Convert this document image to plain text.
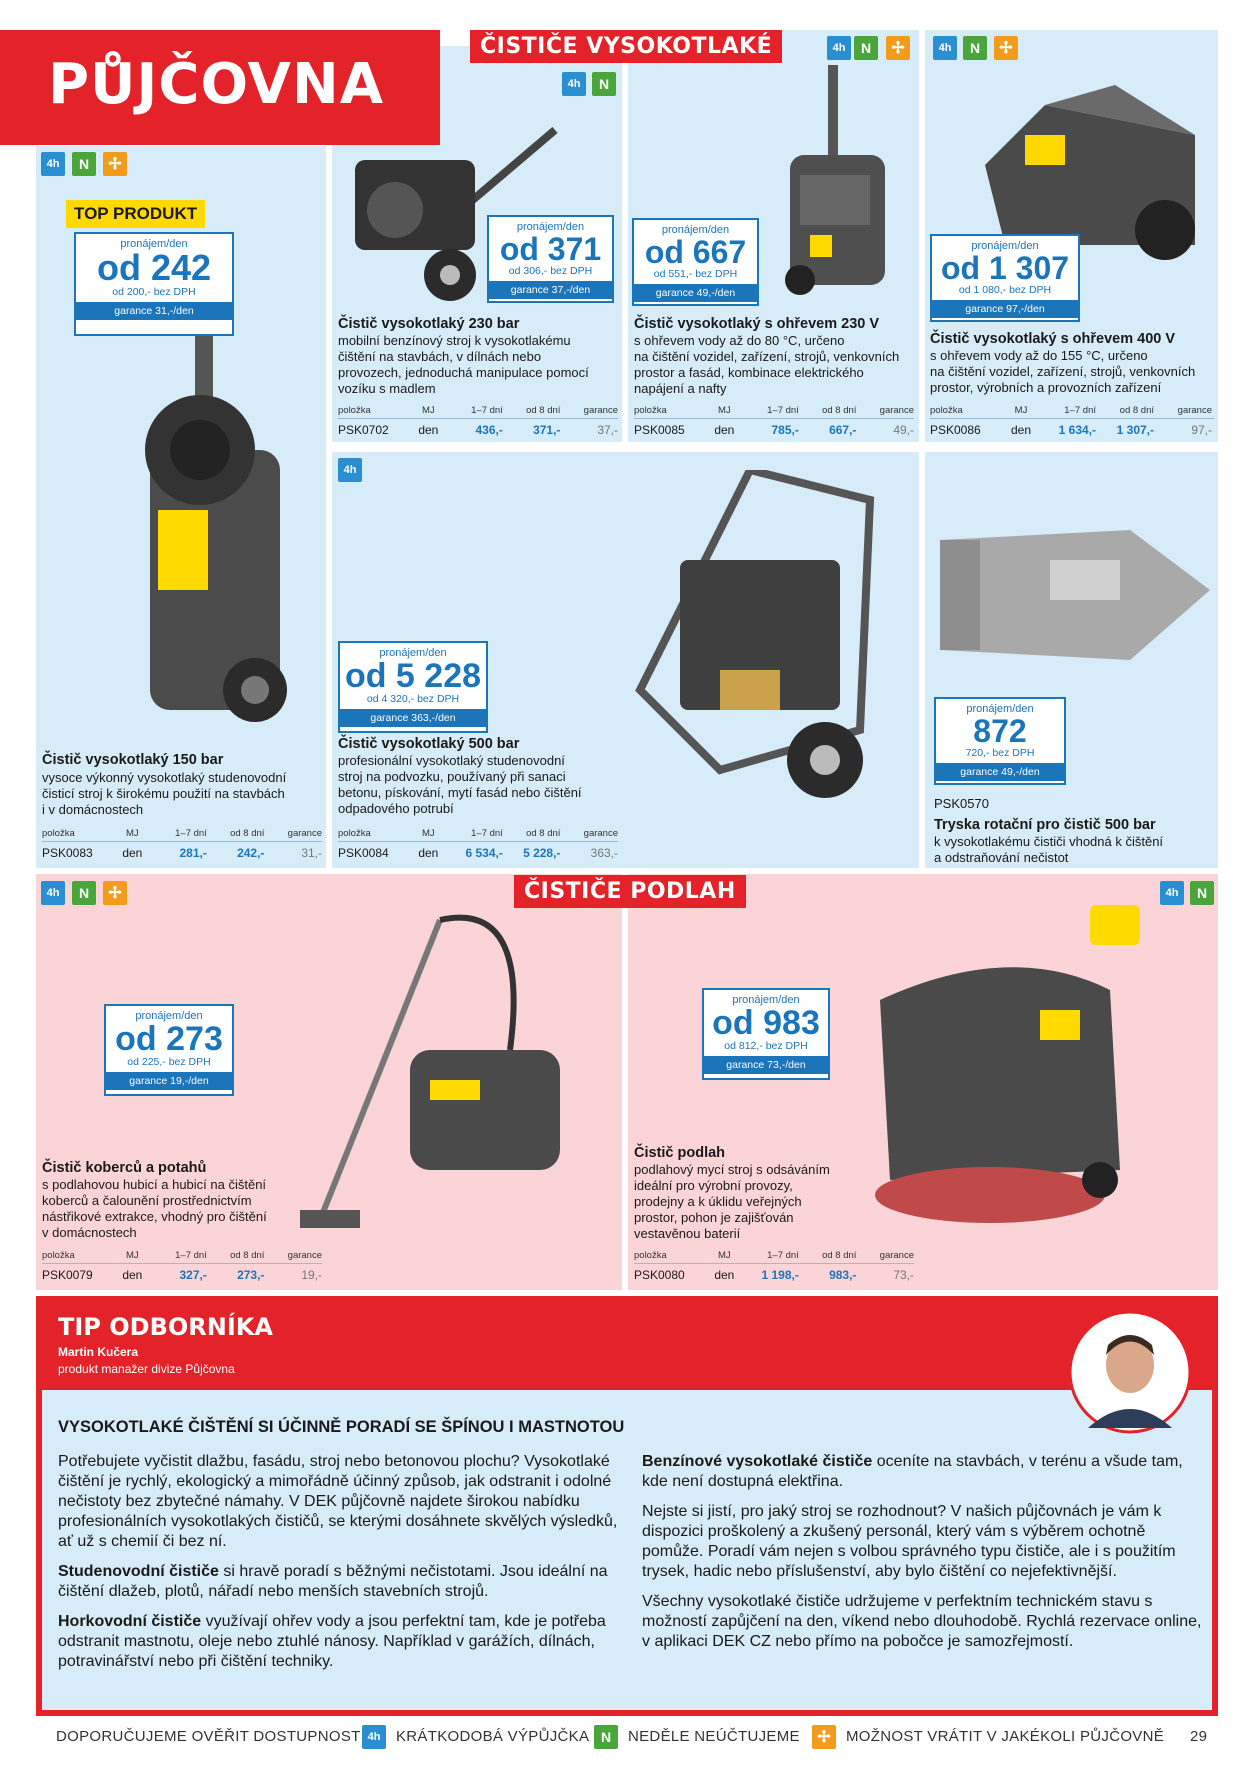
PŮJČOVNA
ČISTIČE VYSOKOTLAKÉ	4h	N	✢	4h	N	✢
4h	N
4h	N	✢
4h
TOP PRODUKT
pronájem/den
od 242
od 200,- bez DPH
garance 31,-/den
Čistič vysokotlaký 150 bar
vysoce výkonný vysokotlaký studenovodní
čisticí stroj k širokému použití na stavbách
i v domácnostech
položka	MJ	1–7 dní	od 8 dní	garance
PSK0083	den	281,-	242,-	31,-
pronájem/den
od 371
od 306,- bez DPH
garance 37,-/den
Čistič vysokotlaký 230 bar
mobilní benzínový stroj k vysokotlakému
čištění na stavbách, v dílnách nebo
provozech, jednoduchá manipulace pomocí
vozíku s madlem
položka	MJ	1–7 dní	od 8 dní	garance
PSK0702	den	436,-	371,-	37,-
pronájem/den
od 667
od 551,- bez DPH
garance 49,-/den
Čistič vysokotlaký s ohřevem 230 V
s ohřevem vody až do 80 °C, určeno
na čištění vozidel, zařízení, strojů, venkovních
prostor a fasád, kombinace elektrického
napájení a nafty
položka	MJ	1–7 dní	od 8 dní	garance
PSK0085	den	785,-	667,-	49,-
pronájem/den
od 1 307
od 1 080,- bez DPH
garance 97,-/den
Čistič vysokotlaký s ohřevem 400 V
s ohřevem vody až do 155 °C, určeno
na čištění vozidel, zařízení, strojů, venkovních
prostor, výrobních a provozních zařízení
položka	MJ	1–7 dní	od 8 dní	garance
PSK0086	den	1 634,-	1 307,-	97,-
pronájem/den
od 5 228
od 4 320,- bez DPH
garance 363,-/den
Čistič vysokotlaký 500 bar
profesionální vysokotlaký studenovodní
stroj na podvozku, používaný při sanaci
betonu, pískování, mytí fasád nebo čištění
odpadového potrubí
položka	MJ	1–7 dní	od 8 dní	garance
PSK0084	den	6 534,-	5 228,-	363,-
pronájem/den
872
720,- bez DPH
garance 49,-/den
PSK0570
Tryska rotační pro čistič 500 bar
k vysokotlakému čističi vhodná k čištění
a odstraňování nečistot
ČISTIČE PODLAH
4h	N	✢	4h	N
pronájem/den
od 273
od 225,- bez DPH
garance 19,-/den
Čistič koberců a potahů
s podlahovou hubicí a hubicí na čištění
koberců a čalounění prostřednictvím
nástřikové extrakce, vhodný pro čištění
v domácnostech
položka	MJ	1–7 dní	od 8 dní	garance
PSK0079	den	327,-	273,-	19,-
pronájem/den
od 983
od 812,- bez DPH
garance 73,-/den
Čistič podlah
podlahový mycí stroj s odsáváním
ideální pro výrobní provozy,
prodejny a k úklidu veřejných
prostor, pohon je zajišťován
vestavěnou baterií
položka	MJ	1–7 dní	od 8 dní	garance
PSK0080	den	1 198,-	983,-	73,-
TIP ODBORNÍKA
Martin Kučera
produkt manažer divize Půjčovna
VYSOKOTLAKÉ ČIŠTĚNÍ SI ÚČINNĚ PORADÍ SE ŠPÍNOU I MASTNOTOU

Potřebujete vyčistit dlažbu, fasádu, stroj nebo betonovou plochu? Vysokotlaké čištění je rychlý, ekologický a mimořádně účinný způsob, jak odstranit i odolné nečistoty bez zbytečné námahy. V DEK půjčovně najdete širokou nabídku profesionálních vysokotlakých čističů, se kterými dosáhnete skvělých výsledků, ať už s chemií či bez ní.

Studenovodní čističe si hravě poradí s běžnými nečistotami. Jsou ideální na čištění dlažeb, plotů, nářadí nebo menších stavebních strojů.

Horkovodní čističe využívají ohřev vody a jsou perfektní tam, kde je potřeba odstranit mastnotu, oleje nebo ztuhlé nánosy. Například v garážích, dílnách, potravinářství nebo při čištění techniky.

Benzínové vysokotlaké čističe oceníte na stavbách, v terénu a všude tam, kde není dostupná elektřina.

Nejste si jistí, pro jaký stroj se rozhodnout? V našich půjčovnách je vám k dispozici proškolený a zkušený personál, který vám s výběrem ochotně pomůže. Poradí vám nejen s volbou správného typu čističe, ale i s použitím trysek, hadic nebo příslušenství, aby bylo čištění co nejefektivnější.

Všechny vysokotlaké čističe udržujeme v perfektním technickém stavu s možností zapůjčení na den, víkend nebo dlouhodobě. Rychlá rezervace online, v aplikaci DEK CZ nebo přímo na pobočce je samozřejmostí.

DOPORUČUJEME OVĚŘIT DOSTUPNOST 4h	KRÁTKODOBÁ VÝPŮJČKA N	NEDĚLE NEÚČTUJEME	✢	MOŽNOST VRÁTIT V JAKÉKOLI PŮJČOVNĚ 29
